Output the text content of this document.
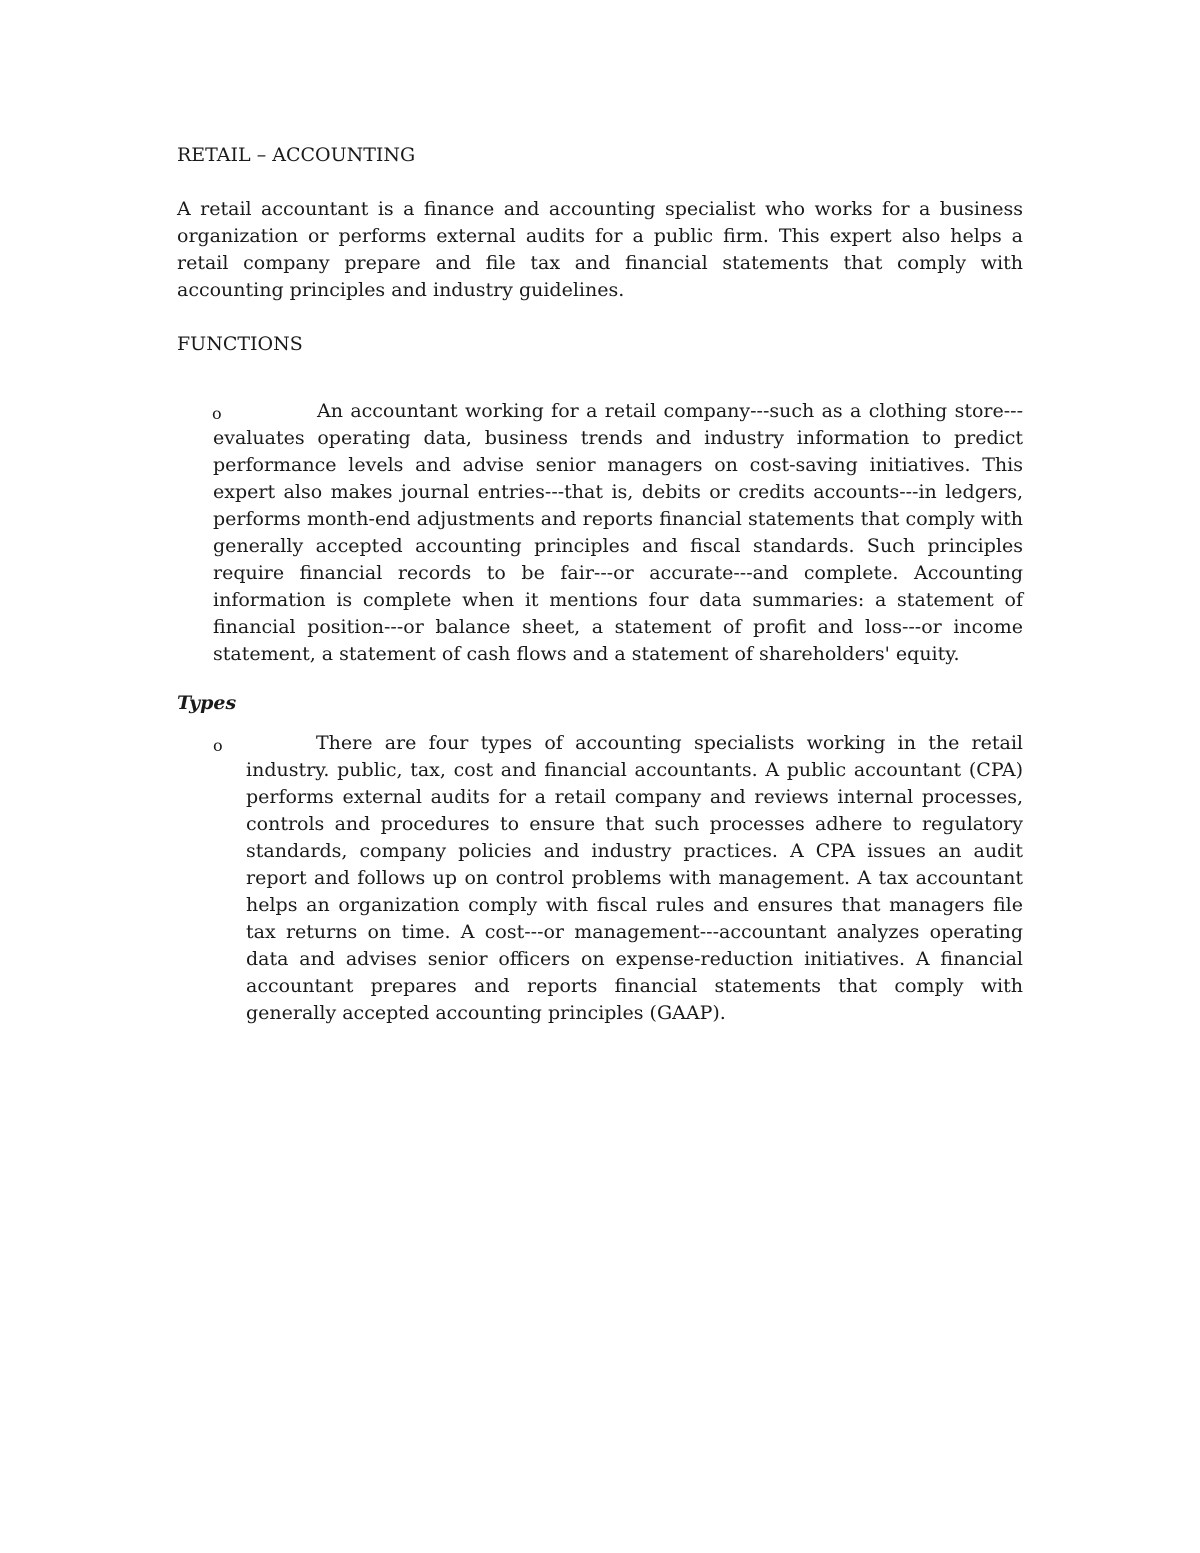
RETAIL – ACCOUNTING

A retail accountant is a finance and accounting specialist who works for a business organization or performs external audits for a public firm. This expert also helps a retail company prepare and file tax and financial statements that comply with accounting principles and industry guidelines.

FUNCTIONS
o	An accountant working for a retail company---such as a clothing store---evaluates operating data, business trends and industry information to predict performance levels and advise senior managers on cost-saving initiatives. This expert also makes journal entries---that is, debits or credits accounts---in ledgers, performs month-end adjustments and reports financial statements that comply with generally accepted accounting principles and fiscal standards. Such principles require financial records to be fair---or accurate---and complete. Accounting information is complete when it mentions four data summaries: a statement of financial position---or balance sheet, a statement of profit and loss---or income statement, a statement of cash flows and a statement of shareholders' equity.
Types
o	There are four types of accounting specialists working in the retail industry. public, tax, cost and financial accountants. A public accountant (CPA) performs external audits for a retail company and reviews internal processes, controls and procedures to ensure that such processes adhere to regulatory standards, company policies and industry practices. A CPA issues an audit report and follows up on control problems with management. A tax accountant helps an organization comply with fiscal rules and ensures that managers file tax returns on time. A cost---or management---accountant analyzes operating data and advises senior officers on expense-reduction initiatives. A financial accountant prepares and reports financial statements that comply with generally accepted accounting principles (GAAP).
